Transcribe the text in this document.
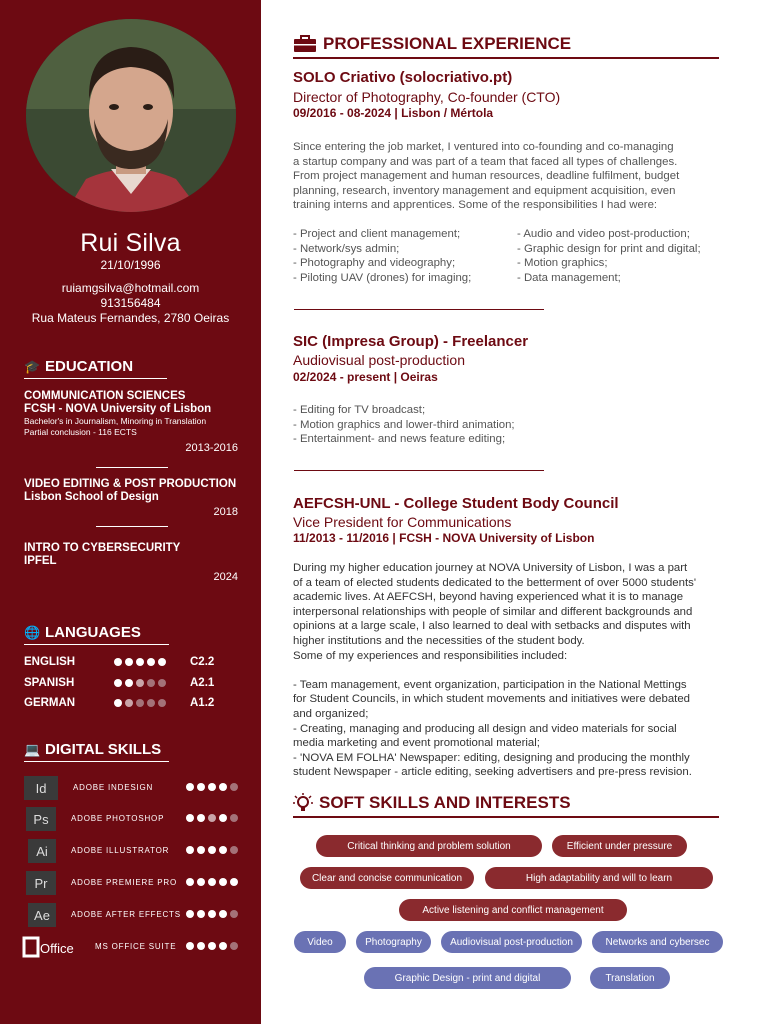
Rui Silva
21/10/1996
ruiamgsilva@hotmail.com
913156484
Rua Mateus Fernandes, 2780 Oeiras
🎓 EDUCATION
COMMUNICATION SCIENCES
FCSH - NOVA University of Lisbon
Bachelor's in Journalism, Minoring in Translation
Partial conclusion - 116 ECTS
2013-2016
VIDEO EDITING & POST PRODUCTION
Lisbon School of Design
2018
INTRO TO CYBERSECURITY
IPFEL
2024
🌐 LANGUAGES
ENGLISH	C2.2
SPANISH	A2.1
GERMAN	A1.2
💻 DIGITAL SKILLS
Id	ADOBE INDESIGN
Ps	ADOBE PHOTOSHOP
Ai	ADOBE ILLUSTRATOR
Pr	ADOBE PREMIERE PRO
Ae	ADOBE AFTER EFFECTS
Office	MS OFFICE SUITE
PROFESSIONAL EXPERIENCE
SOLO Criativo (solocriativo.pt)
Director of Photography, Co-founder (CTO)
09/2016 - 08-2024 | Lisbon / Mértola
Since entering the job market, I ventured into co-founding and co-managing
a startup company and was part of a team that faced all types of challenges.
From project management and human resources, deadline fulfilment, budget
planning, research, inventory management and equipment acquisition, even
training interns and apprentices. Some of the responsibilities I had were:
- Project and client management;
- Network/sys admin;
- Photography and videography;
- Piloting UAV (drones) for imaging;
- Audio and video post-production;
- Graphic design for print and digital;
- Motion graphics;
- Data management;
SIC (Impresa Group) - Freelancer
Audiovisual post-production
02/2024 - present | Oeiras
- Editing for TV broadcast;
- Motion graphics and lower-third animation;
- Entertainment- and news feature editing;
AEFCSH-UNL - College Student Body Council
Vice President for Communications
11/2013 - 11/2016 | FCSH - NOVA University of Lisbon
During my higher education journey at NOVA University of Lisbon, I was a part
of a team of elected students dedicated to the betterment of over 5000 students'
academic lives. At AEFCSH, beyond having experienced what it is to manage
interpersonal relationships with people of similar and different backgrounds and
opinions at a large scale, I also learned to deal with setbacks and disputes with
higher institutions and the necessities of the student body.
Some of my experiences and responsibilities included:
- Team management, event organization, participation in the National Mettings
for Student Councils, in which student movements and initiatives were debated
and organized;
- Creating, managing and producing all design and video materials for social
media marketing and event promotional material;
- 'NOVA EM FOLHA' Newspaper: editing, designing and producing the monthly
student Newspaper - article editing, seeking advertisers and pre-press revision.
SOFT SKILLS AND INTERESTS
Critical thinking and problem solution	Efficient under pressure
Clear and concise communication	High adaptability and will to learn
Active listening and conflict management
Video	Photography	Audiovisual post-production	Networks and cybersec
Graphic Design - print and digital	Translation
